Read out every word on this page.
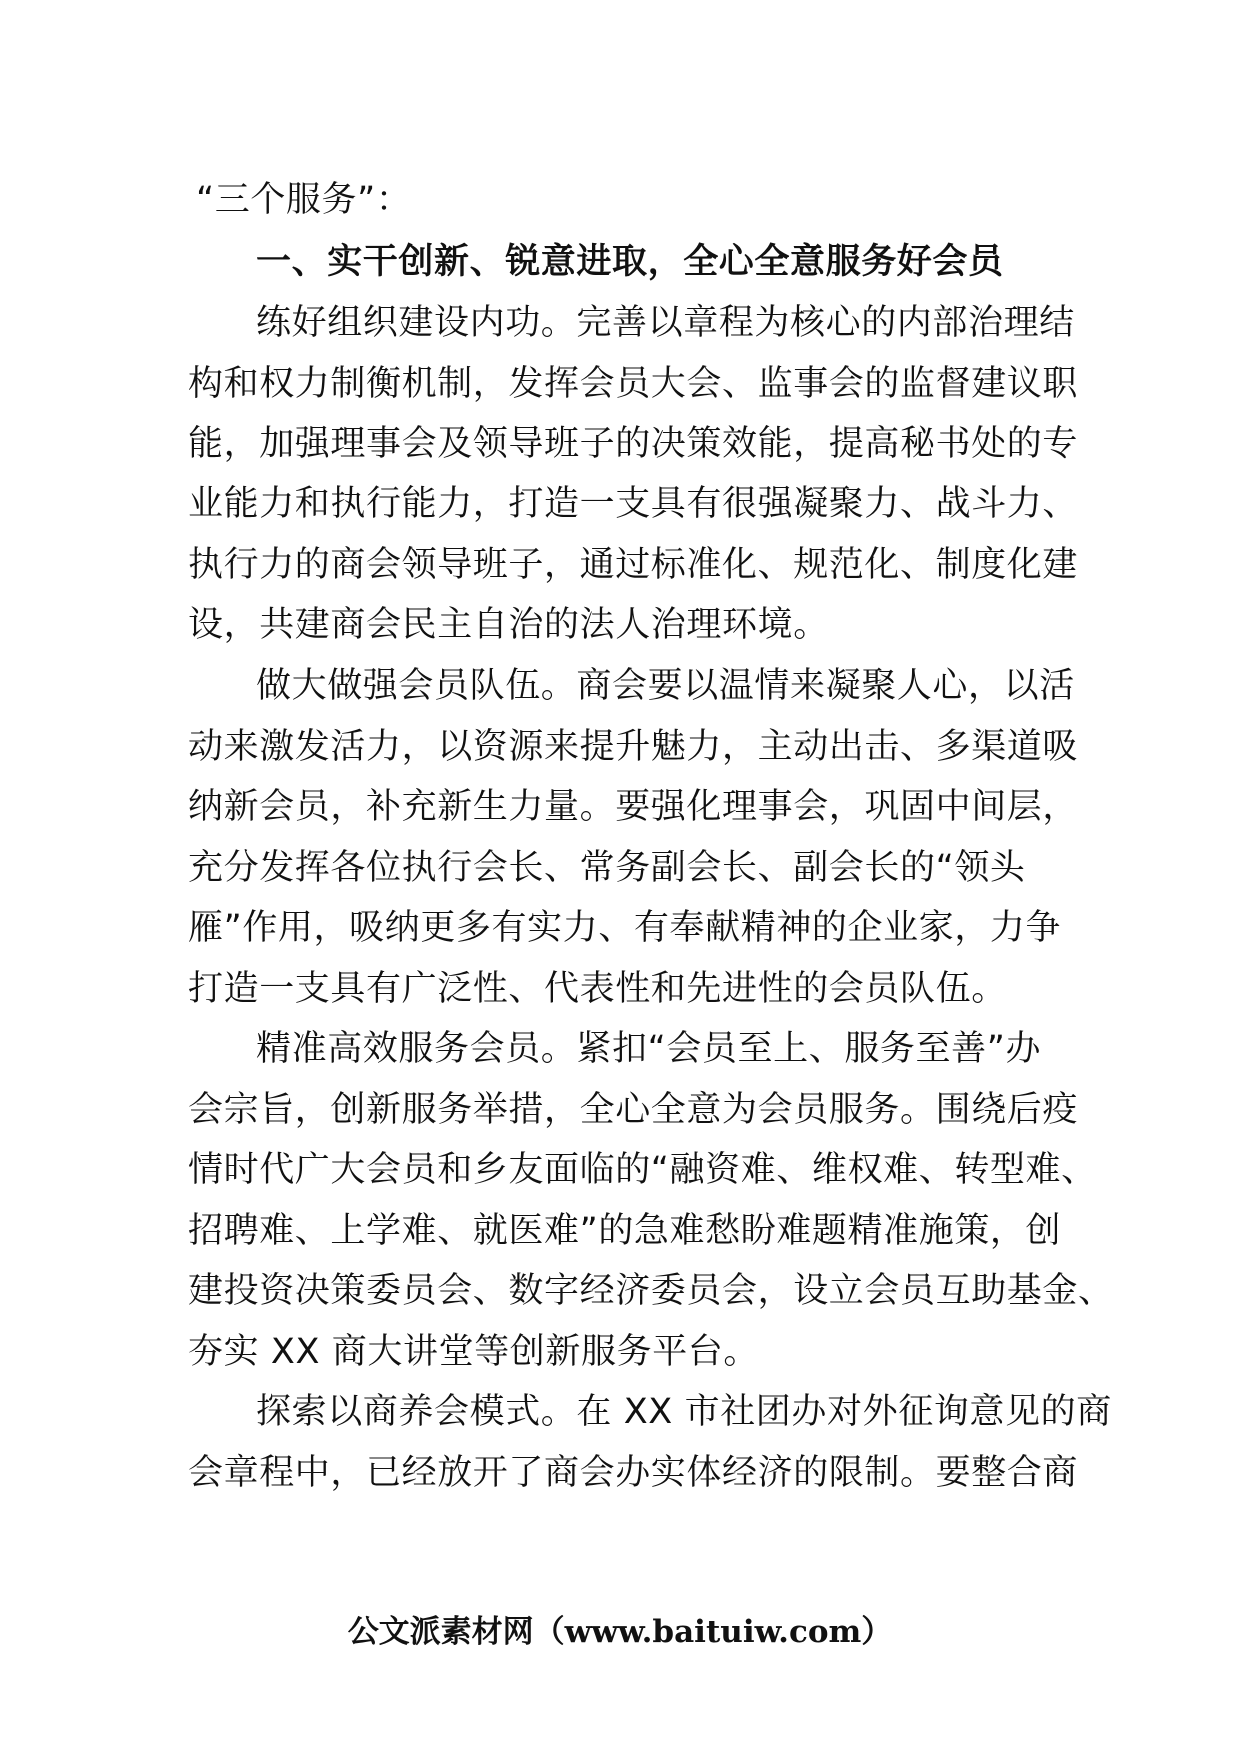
“三个服务”：

一、实干创新、锐意进取，全心全意服务好会员

练好组织建设内功。完善以章程为核心的内部治理结

构和权力制衡机制，发挥会员大会、监事会的监督建议职

能，加强理事会及领导班子的决策效能，提高秘书处的专

业能力和执行能力，打造一支具有很强凝聚力、战斗力、

执行力的商会领导班子，通过标准化、规范化、制度化建

设，共建商会民主自治的法人治理环境。

做大做强会员队伍。商会要以温情来凝聚人心，以活

动来激发活力，以资源来提升魅力，主动出击、多渠道吸

纳新会员，补充新生力量。要强化理事会，巩固中间层，

充分发挥各位执行会长、常务副会长、副会长的“领头

雁”作用，吸纳更多有实力、有奉献精神的企业家，力争

打造一支具有广泛性、代表性和先进性的会员队伍。

精准高效服务会员。紧扣“会员至上、服务至善”办

会宗旨，创新服务举措，全心全意为会员服务。围绕后疫

情时代广大会员和乡友面临的“融资难、维权难、转型难、

招聘难、上学难、就医难”的急难愁盼难题精准施策，创

建投资决策委员会、数字经济委员会，设立会员互助基金、

夯实 XX 商大讲堂等创新服务平台。

探索以商养会模式。在 XX 市社团办对外征询意见的商

会章程中，已经放开了商会办实体经济的限制。要整合商

公文派素材网（www.baituiw.com）
